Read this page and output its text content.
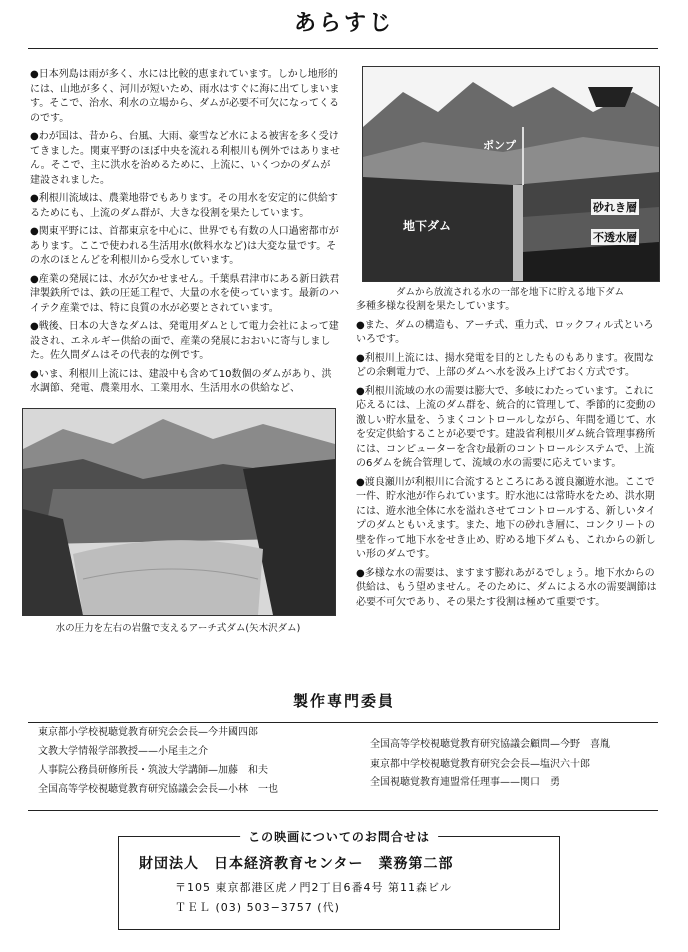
あらすじ

●日本列島は雨が多く、水には比較的恵まれています。しかし地形的には、山地が多く、河川が短いため、雨水はすぐに海に出てしまいます。そこで、治水、利水の立場から、ダムが必要不可欠になってくるのです。

●わが国は、昔から、台風、大雨、豪雪など水による被害を多く受けてきました。関東平野のほぼ中央を流れる利根川も例外ではありません。そこで、主に洪水を治めるために、上流に、いくつかのダムが建設されました。

●利根川流域は、農業地帯でもあります。その用水を安定的に供給するためにも、上流のダム群が、大きな役割を果たしています。

●関東平野には、首都東京を中心に、世界でも有数の人口過密都市があります。ここで使われる生活用水(飲料水など)は大変な量です。その水のほとんどを利根川から受水しています。

●産業の発展には、水が欠かせません。千葉県君津市にある新日鉄君津製鉄所では、鉄の圧延工程で、大量の水を使っています。最新のハイテク産業では、特に良質の水が必要とされています。

●戦後、日本の大きなダムは、発電用ダムとして電力会社によって建設され、エネルギー供給の面で、産業の発展におおいに寄与しました。佐久間ダムはその代表的な例です。

●いま、利根川上流には、建設中も含めて10数個のダムがあり、洪水調節、発電、農業用水、工業用水、生活用水の供給など、

ポンプ
砂れき層
不透水層
地下ダム
ダムから放流される水の一部を地下に貯える地下ダム

多種多様な役割を果たしています。

●また、ダムの構造も、アーチ式、重力式、ロックフィル式といろいろです。

●利根川上流には、揚水発電を目的としたものもあります。夜間などの余剰電力で、上部のダムへ水を汲み上げておく方式です。

●利根川流域の水の需要は膨大で、多岐にわたっています。これに応えるには、上流のダム群を、統合的に管理して、季節的に変動の激しい貯水量を、うまくコントロールしながら、年間を通じて、水を安定供給することが必要です。建設省利根川ダム統合管理事務所には、コンピューターを含む最新のコントロールシステムで、上流の6ダムを統合管理して、流域の水の需要に応えています。

●渡良瀬川が利根川に合流するところにある渡良瀬遊水池。ここで一件、貯水池が作られています。貯水池には常時水をため、洪水期には、遊水池全体に水を溢れさせてコントロールする、新しいタイプのダムともいえます。また、地下の砂れき層に、コンクリートの壁を作って地下水をせき止め、貯める地下ダムも、これからの新しい形のダムです。

●多様な水の需要は、ますます膨れあがるでしょう。地下水からの供給は、もう望めません。そのために、ダムによる水の需要調節は必要不可欠であり、その果たす役割は極めて重要です。

水の圧力を左右の岩盤で支えるアーチ式ダム(矢木沢ダム)
製作専門委員
東京都小学校視聴覚教育研究会会長—今井國四郎
文教大学情報学部教授——小尾圭之介
人事院公務員研修所長・筑波大学講師—加藤　和夫
全国高等学校視聴覚教育研究協議会会長—小林　一也
全国高等学校視聴覚教育研究協議会顧問—今野　喜胤
東京都中学校視聴覚教育研究会会長—塩沢六十郎
全国視聴覚教育連盟常任理事——関口　勇
この映画についてのお問合せは
財団法人　日本経済教育センター　業務第二部
〒105 東京都港区虎ノ門2丁目6番4号 第11森ビル
ＴＥＬ (03) 503−3757 (代)
